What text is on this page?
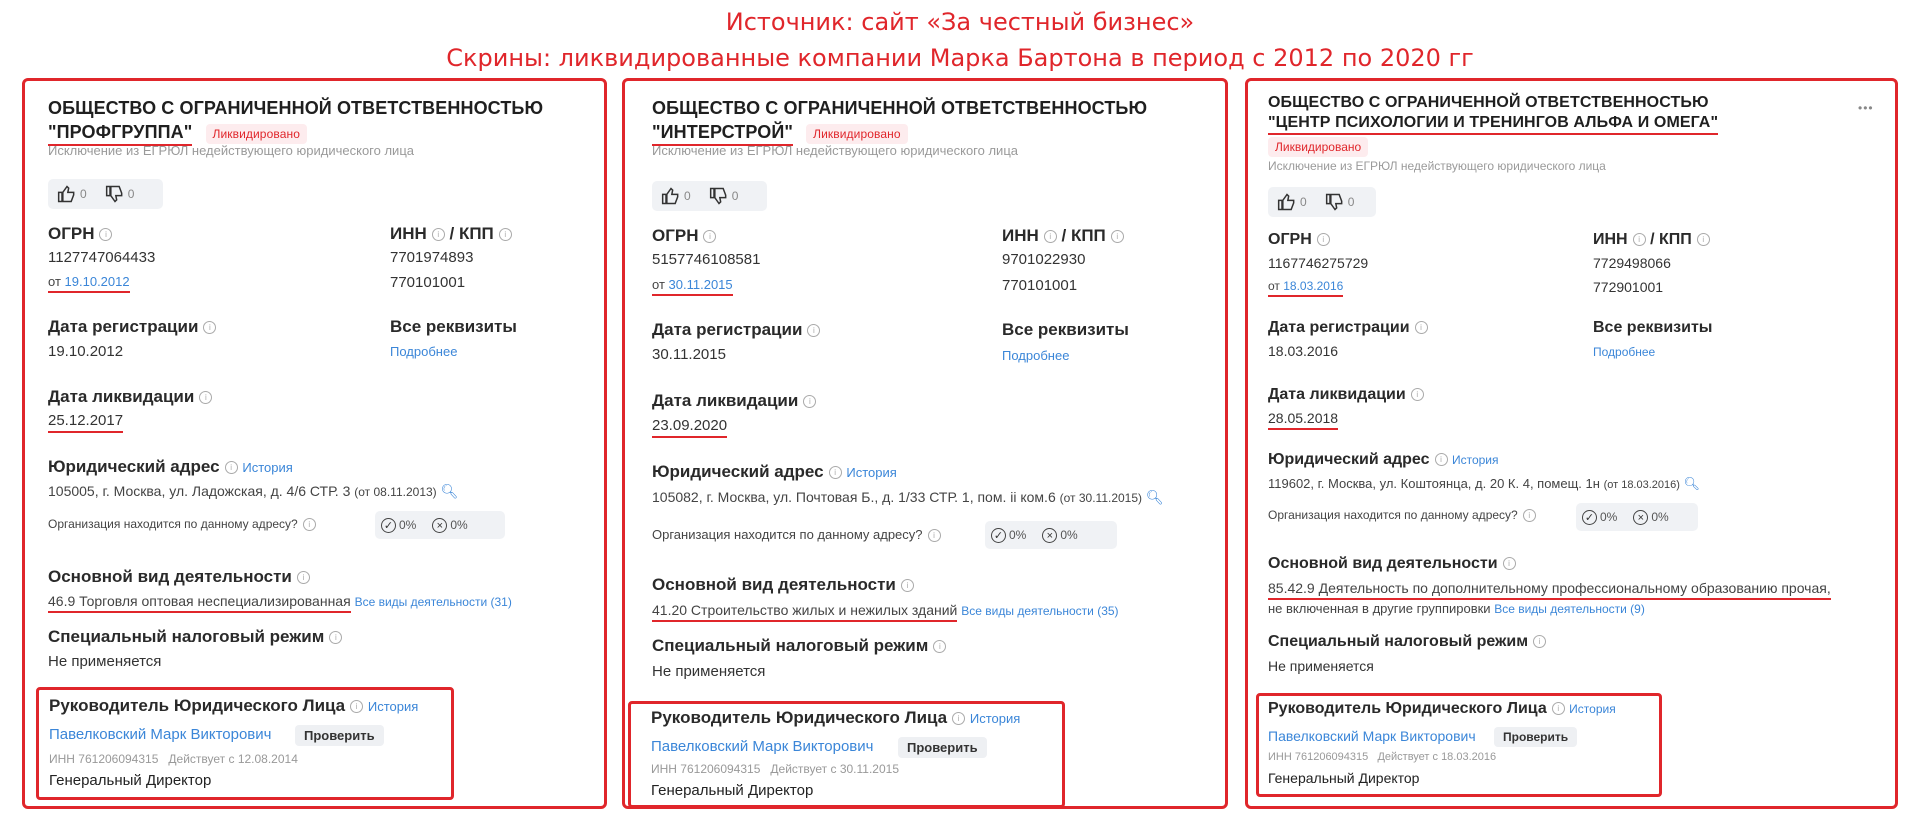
Источник: сайт «За честный бизнес»
Скрины: ликвидированные компании Марка Бартона в период с 2012 по 2020 гг
ОБЩЕСТВО С ОГРАНИЧЕННОЙ ОТВЕТСТВЕННОСТЬЮ
"ПРОФГРУППА" Ликвидировано
Исключение из ЕГРЮЛ недействующего юридического лица
0	0
ОГРН i
1127747064433
от 19.10.2012
ИНН i / КПП i
7701974893
770101001
Дата регистрации i
19.10.2012
Все реквизиты
Подробнее
Дата ликвидации i
25.12.2017
Юридический адрес i История
105005, г. Москва, ул. Ладожская, д. 4/6 СТР. 3 (от 08.11.2013) 🔍︎
Организация находится по данному адресу? i	✓ 0%	× 0%
Основной вид деятельности i
46.9 Торговля оптовая неспециализированная Все виды деятельности (31)
Специальный налоговый режим i
Не применяется
Руководитель Юридического Лица i История
Павелковский Марк Викторович	Проверить
ИНН 761206094315 Действует с 12.08.2014
Генеральный Директор
ОБЩЕСТВО С ОГРАНИЧЕННОЙ ОТВЕТСТВЕННОСТЬЮ
"ИНТЕРСТРОЙ" Ликвидировано
Исключение из ЕГРЮЛ недействующего юридического лица
0	0
ОГРН i
5157746108581
от 30.11.2015
ИНН i / КПП i
9701022930
770101001
Дата регистрации i
30.11.2015
Все реквизиты
Подробнее
Дата ликвидации i
23.09.2020
Юридический адрес i История
105082, г. Москва, ул. Почтовая Б., д. 1/33 СТР. 1, пом. ii ком.6 (от 30.11.2015) 🔍︎
Организация находится по данному адресу? i	✓ 0%	× 0%
Основной вид деятельности i
41.20 Строительство жилых и нежилых зданий Все виды деятельности (35)
Специальный налоговый режим i
Не применяется
Руководитель Юридического Лица i История
Павелковский Марк Викторович	Проверить
ИНН 761206094315 Действует с 30.11.2015
Генеральный Директор
ОБЩЕСТВО С ОГРАНИЧЕННОЙ ОТВЕТСТВЕННОСТЬЮ
"ЦЕНТР ПСИХОЛОГИИ И ТРЕНИНГОВ АЛЬФА И ОМЕГА"
•••
Ликвидировано
Исключение из ЕГРЮЛ недействующего юридического лица
0	0
ОГРН i
1167746275729
от 18.03.2016
ИНН i / КПП i
7729498066
772901001
Дата регистрации i
18.03.2016
Все реквизиты
Подробнее
Дата ликвидации i
28.05.2018
Юридический адрес i История
119602, г. Москва, ул. Коштоянца, д. 20 К. 4, помещ. 1н (от 18.03.2016) 🔍︎
Организация находится по данному адресу? i	✓ 0%	× 0%
Основной вид деятельности i
85.42.9 Деятельность по дополнительному профессиональному образованию прочая,
не включенная в другие группировки Все виды деятельности (9)
Специальный налоговый режим i
Не применяется
Руководитель Юридического Лица i История
Павелковский Марк Викторович	Проверить
ИНН 761206094315 Действует с 18.03.2016
Генеральный Директор
